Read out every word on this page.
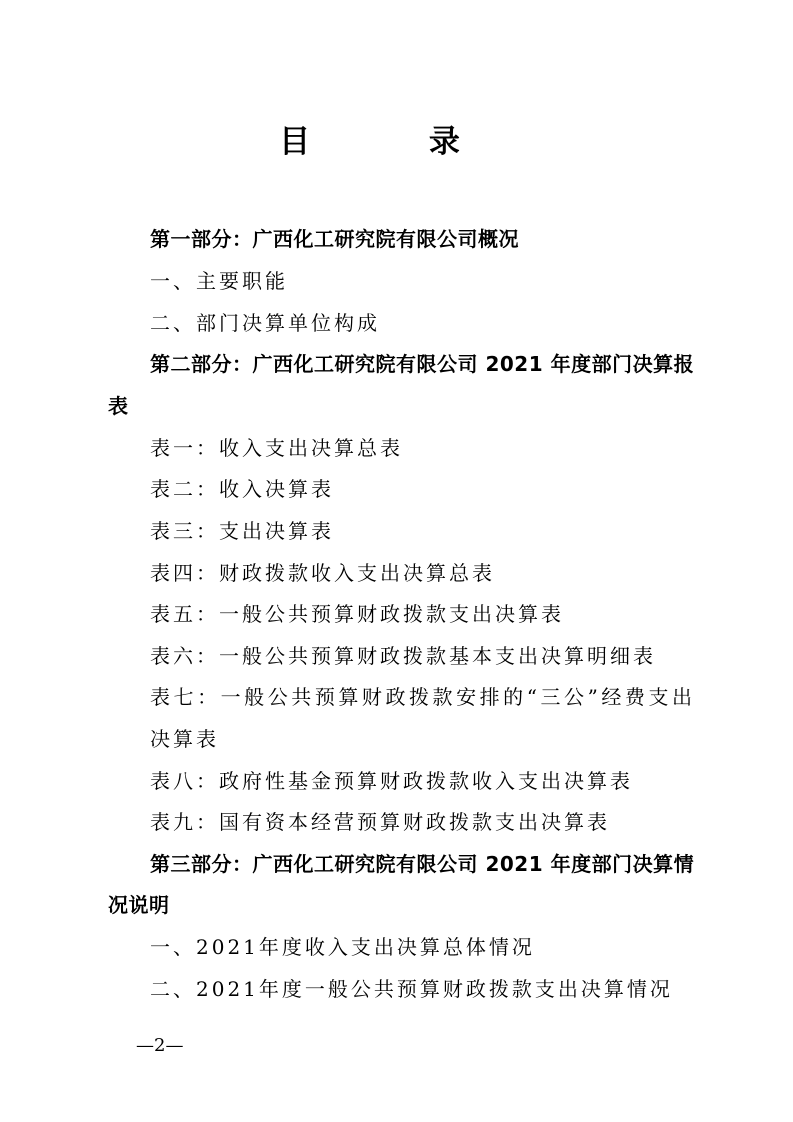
目 录
第一部分：广西化工研究院有限公司概况
一、主要职能
二、部门决算单位构成
第二部分：广西化工研究院有限公司 2021 年度部门决算报
表
表一：收入支出决算总表
表二：收入决算表
表三：支出决算表
表四：财政拨款收入支出决算总表
表五：一般公共预算财政拨款支出决算表
表六：一般公共预算财政拨款基本支出决算明细表
表七：一般公共预算财政拨款安排的“三公”经费支出
决算表
表八：政府性基金预算财政拨款收入支出决算表
表九：国有资本经营预算财政拨款支出决算表
第三部分：广西化工研究院有限公司 2021 年度部门决算情
况说明
一、2021年度收入支出决算总体情况
二、2021年度一般公共预算财政拨款支出决算情况
—2—
